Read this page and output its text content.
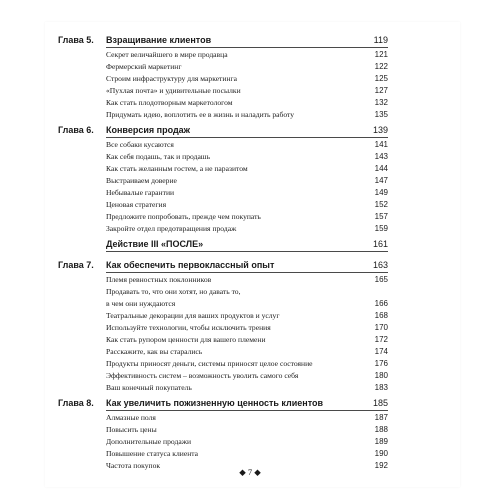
Глава 5.	Взращивание клиентов	119
Секрет величайшего в мире продавца	121
Фермерский маркетинг	122
Строим инфраструктуру для маркетинга	125
«Пухлая почта» и удивительные посылки	127
Как стать плодотворным маркетологом	132
Придумать идею, воплотить ее в жизнь и наладить работу	135
Глава 6.	Конверсия продаж	139
Все собаки кусаются	141
Как себя подашь, так и продашь	143
Как стать желанным гостем, а не паразитом	144
Выстраиваем доверие	147
Небывалые гарантии	149
Ценовая стратегия	152
Предложите попробовать, прежде чем покупать	157
Закройте отдел предотвращения продаж	159
Действие III «ПОСЛЕ»	161
Глава 7.	Как обеспечить первоклассный опыт	163
Племя ревностных поклонников	165
Продавать то, что они хотят, но давать то,
в чем они нуждаются	166
Театральные декорации для ваших продуктов и услуг	168
Используйте технологии, чтобы исключить трения	170
Как стать рупором ценности для вашего племени	172
Расскажите, как вы старались	174
Продукты приносят деньги, системы приносят целое состояние	176
Эффективность систем – возможность уволить самого себя	180
Ваш конечный покупатель	183
Глава 8.	Как увеличить пожизненную ценность клиентов	185
Алмазные поля	187
Повысить цены	188
Дополнительные продажи	189
Повышение статуса клиента	190
Частота покупок	192
◆ 7 ◆
